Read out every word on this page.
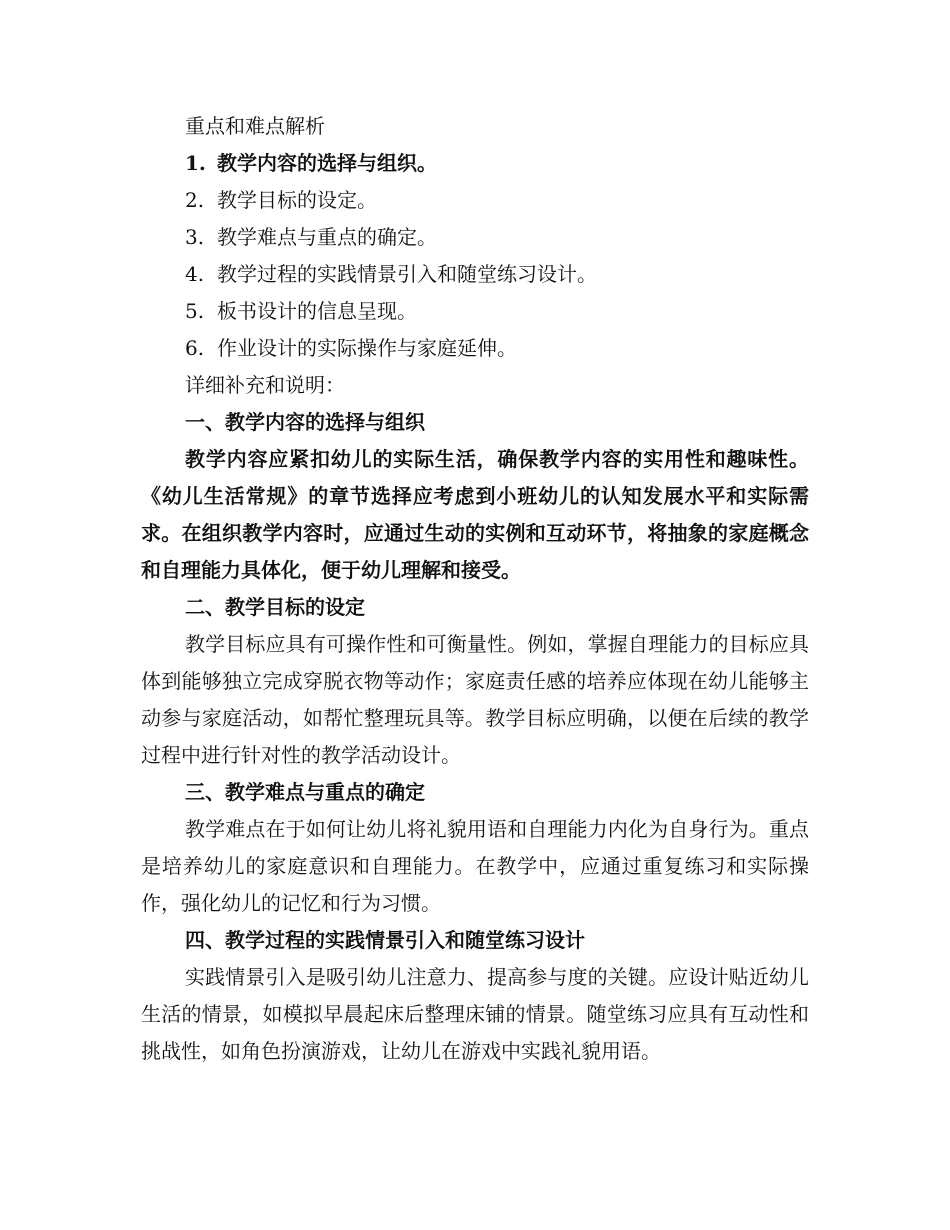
重点和难点解析

1. 教学内容的选择与组织。

2. 教学目标的设定。

3. 教学难点与重点的确定。

4. 教学过程的实践情景引入和随堂练习设计。

5. 板书设计的信息呈现。

6. 作业设计的实际操作与家庭延伸。

详细补充和说明：

一、教学内容的选择与组织

教学内容应紧扣幼儿的实际生活，确保教学内容的实用性和趣味性。《幼儿生活常规》的章节选择应考虑到小班幼儿的认知发展水平和实际需求。在组织教学内容时，应通过生动的实例和互动环节，将抽象的家庭概念和自理能力具体化，便于幼儿理解和接受。

二、教学目标的设定

教学目标应具有可操作性和可衡量性。例如，掌握自理能力的目标应具体到能够独立完成穿脱衣物等动作；家庭责任感的培养应体现在幼儿能够主动参与家庭活动，如帮忙整理玩具等。教学目标应明确，以便在后续的教学过程中进行针对性的教学活动设计。

三、教学难点与重点的确定

教学难点在于如何让幼儿将礼貌用语和自理能力内化为自身行为。重点是培养幼儿的家庭意识和自理能力。在教学中，应通过重复练习和实际操作，强化幼儿的记忆和行为习惯。

四、教学过程的实践情景引入和随堂练习设计

实践情景引入是吸引幼儿注意力、提高参与度的关键。应设计贴近幼儿生活的情景，如模拟早晨起床后整理床铺的情景。随堂练习应具有互动性和挑战性，如角色扮演游戏，让幼儿在游戏中实践礼貌用语。
